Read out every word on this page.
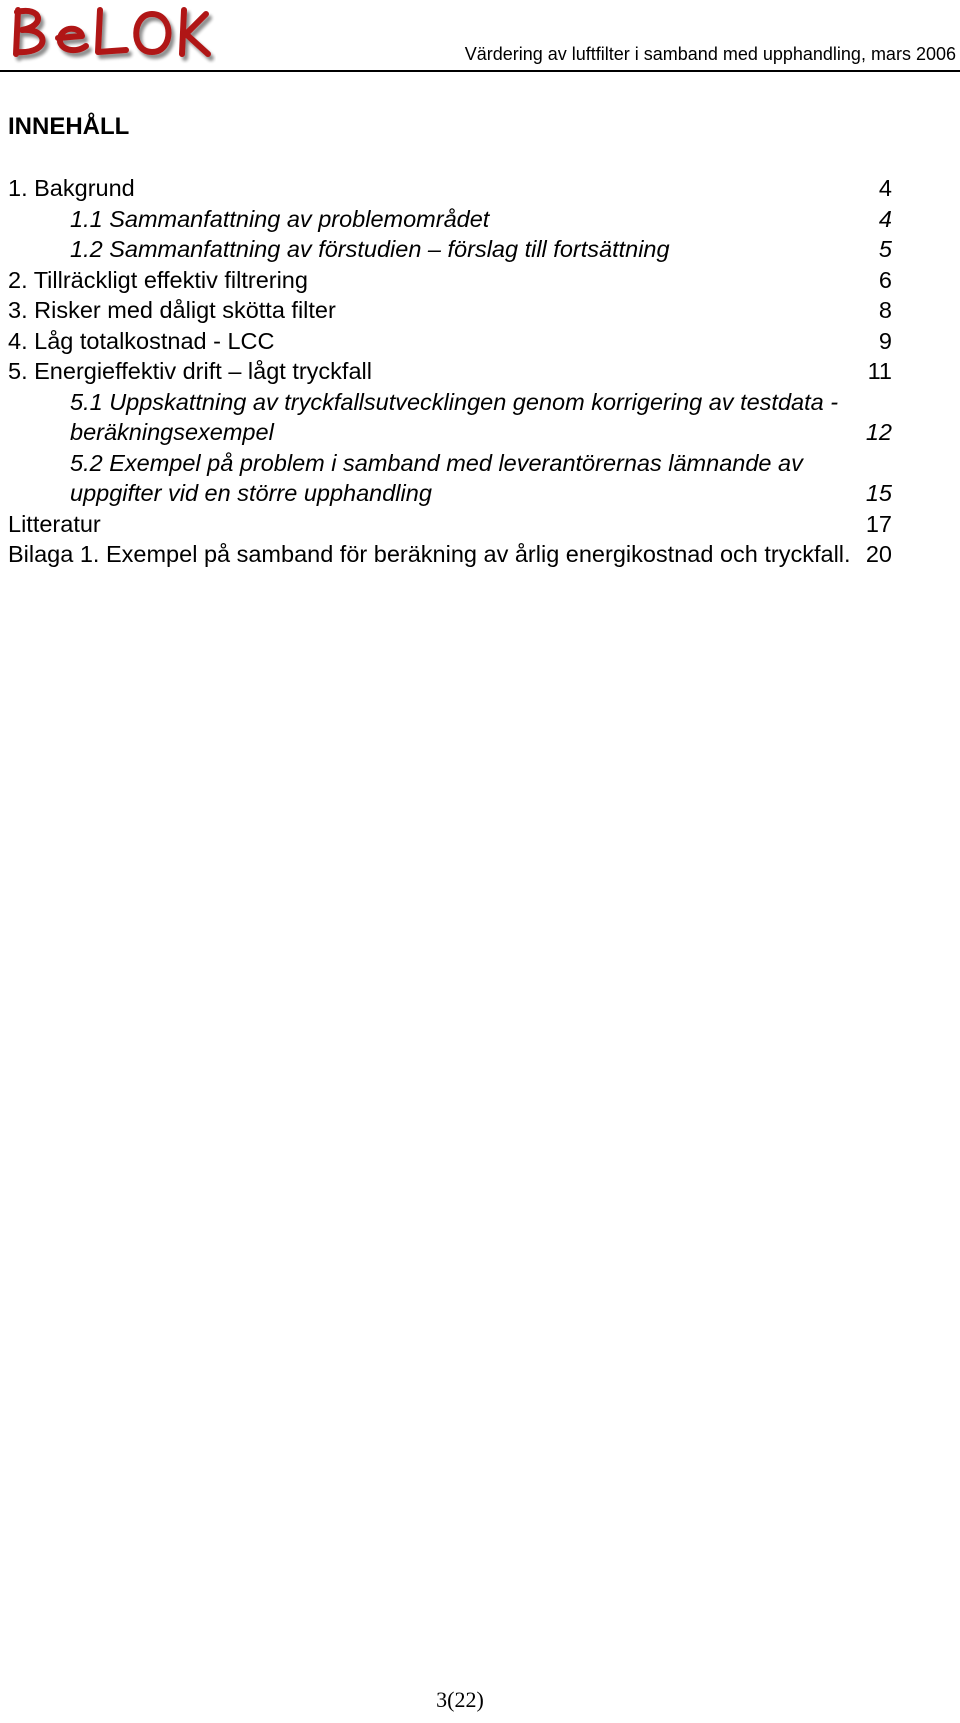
Värdering av luftfilter i samband med upphandling, mars 2006
INNEHÅLL
1. Bakgrund	4
1.1 Sammanfattning av problemområdet	4
1.2 Sammanfattning av förstudien – förslag till fortsättning	5
2. Tillräckligt effektiv filtrering	6
3. Risker med dåligt skötta filter	8
4. Låg totalkostnad - LCC	9
5. Energieffektiv drift – lågt tryckfall	11
5.1 Uppskattning av tryckfallsutvecklingen genom korrigering av testdata - beräkningsexempel	12
5.2 Exempel på problem i samband med leverantörernas lämnande av uppgifter vid en större upphandling	15
Litteratur	17
Bilaga 1. Exempel på samband för beräkning av årlig energikostnad och tryckfall. 20
3(22)
